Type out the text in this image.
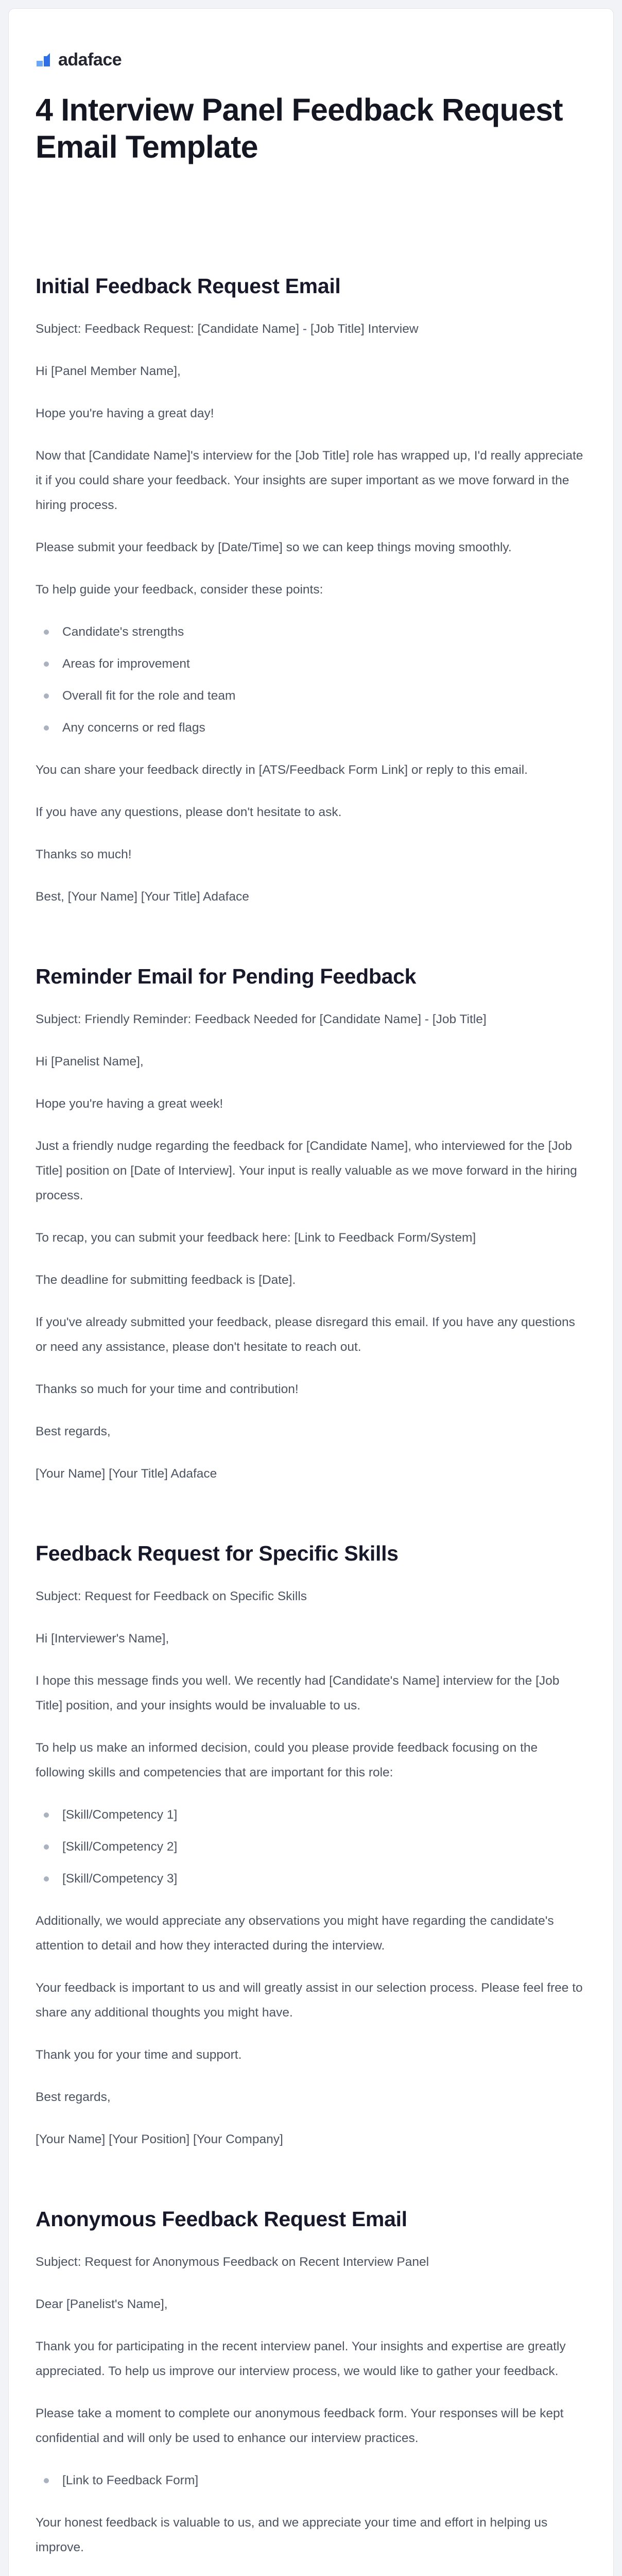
adaface
4 Interview Panel Feedback Request Email Template
Initial Feedback Request Email

Subject: Feedback Request: [Candidate Name] - [Job Title] Interview

Hi [Panel Member Name],

Hope you're having a great day!

Now that [Candidate Name]'s interview for the [Job Title] role has wrapped up, I'd really appreciate it if you could share your feedback. Your insights are super important as we move forward in the hiring process.

Please submit your feedback by [Date/Time] so we can keep things moving smoothly.

To help guide your feedback, consider these points:

Candidate's strengths
Areas for improvement
Overall fit for the role and team
Any concerns or red flags

You can share your feedback directly in [ATS/Feedback Form Link] or reply to this email.

If you have any questions, please don't hesitate to ask.

Thanks so much!

Best, [Your Name] [Your Title] Adaface

Reminder Email for Pending Feedback

Subject: Friendly Reminder: Feedback Needed for [Candidate Name] - [Job Title]

Hi [Panelist Name],

Hope you're having a great week!

Just a friendly nudge regarding the feedback for [Candidate Name], who interviewed for the [Job Title] position on [Date of Interview]. Your input is really valuable as we move forward in the hiring process.

To recap, you can submit your feedback here: [Link to Feedback Form/System]

The deadline for submitting feedback is [Date].

If you've already submitted your feedback, please disregard this email. If you have any questions or need any assistance, please don't hesitate to reach out.

Thanks so much for your time and contribution!

Best regards,

[Your Name] [Your Title] Adaface

Feedback Request for Specific Skills

Subject: Request for Feedback on Specific Skills

Hi [Interviewer's Name],

I hope this message finds you well. We recently had [Candidate's Name] interview for the [Job Title] position, and your insights would be invaluable to us.

To help us make an informed decision, could you please provide feedback focusing on the following skills and competencies that are important for this role:

[Skill/Competency 1]
[Skill/Competency 2]
[Skill/Competency 3]

Additionally, we would appreciate any observations you might have regarding the candidate's attention to detail and how they interacted during the interview.

Your feedback is important to us and will greatly assist in our selection process. Please feel free to share any additional thoughts you might have.

Thank you for your time and support.

Best regards,

[Your Name] [Your Position] [Your Company]

Anonymous Feedback Request Email

Subject: Request for Anonymous Feedback on Recent Interview Panel

Dear [Panelist's Name],

Thank you for participating in the recent interview panel. Your insights and expertise are greatly appreciated. To help us improve our interview process, we would like to gather your feedback.

Please take a moment to complete our anonymous feedback form. Your responses will be kept confidential and will only be used to enhance our interview practices.

[Link to Feedback Form]

Your honest feedback is valuable to us, and we appreciate your time and effort in helping us improve.
